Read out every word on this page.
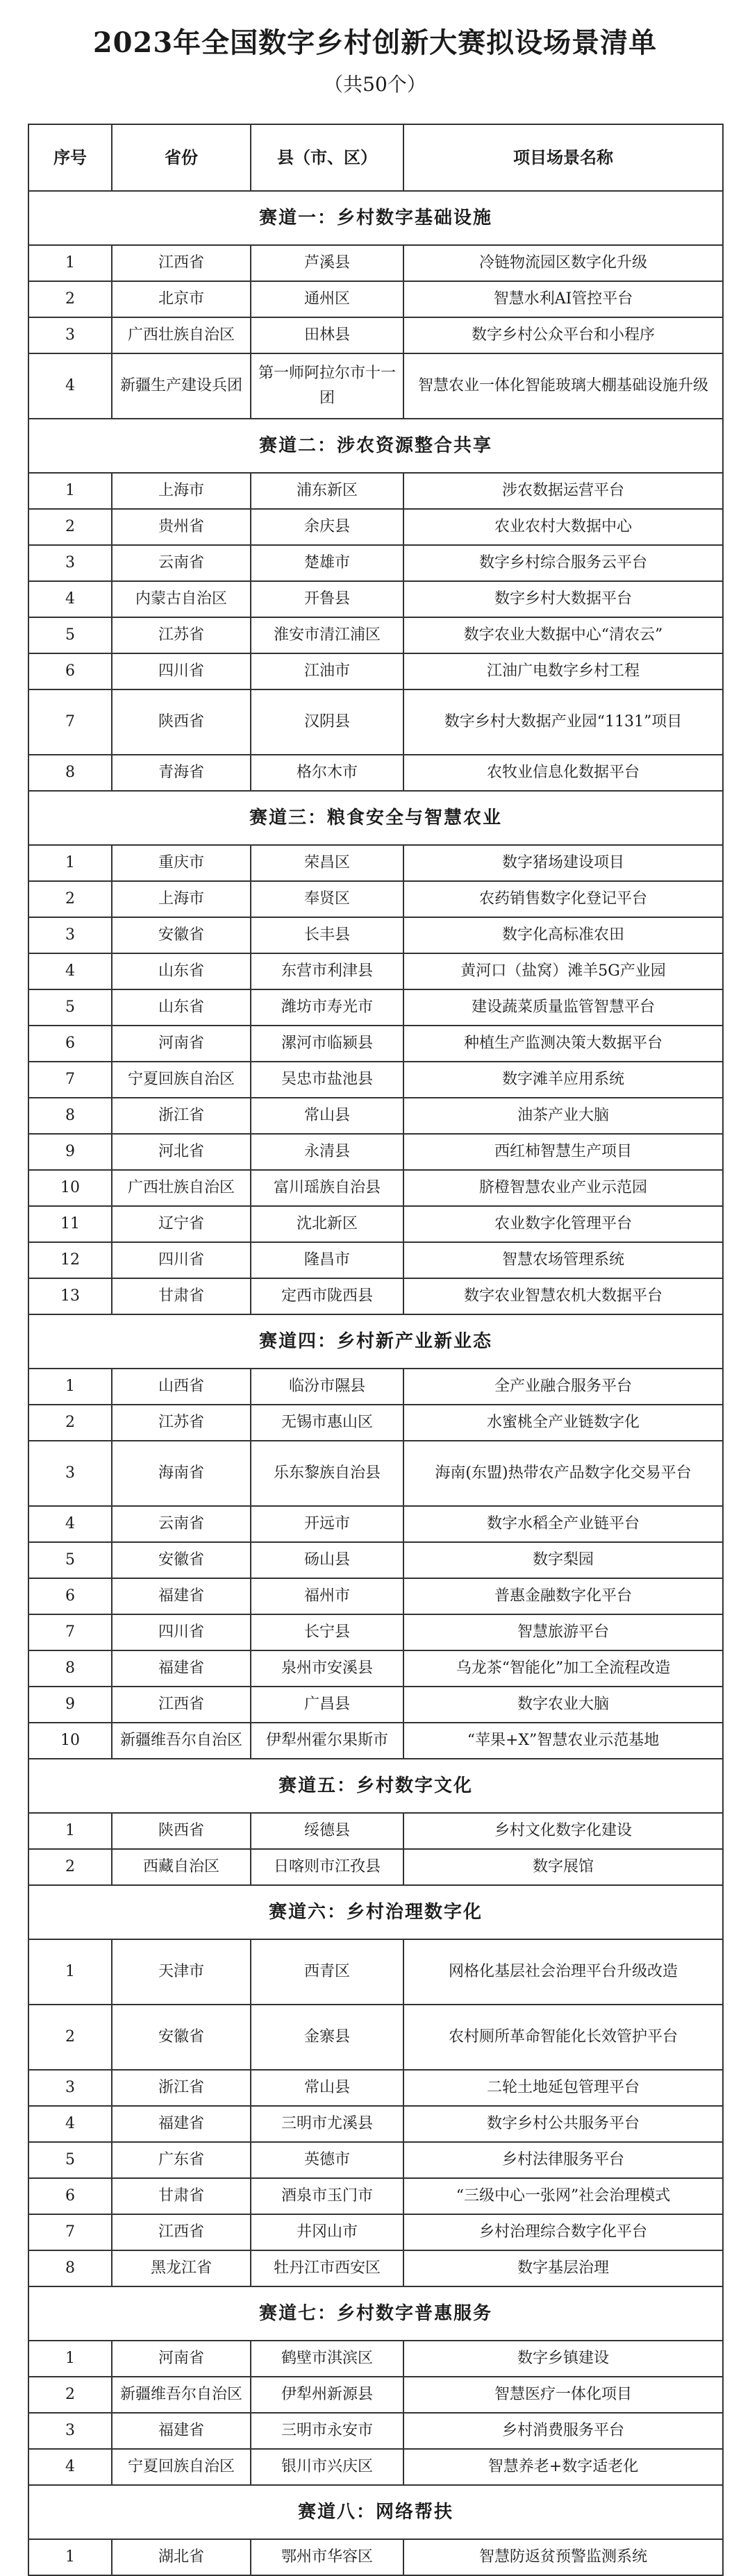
2023年全国数字乡村创新大赛拟设场景清单
（共50个）
序号	省份	县（市、区）	项目场景名称
赛道一：乡村数字基础设施			
1	江西省	芦溪县	冷链物流园区数字化升级
2	北京市	通州区	智慧水利AI管控平台
3	广西壮族自治区	田林县	数字乡村公众平台和小程序
4	新疆生产建设兵团	第一师阿拉尔市十一团	智慧农业一体化智能玻璃大棚基础设施升级
赛道二：涉农资源整合共享			
1	上海市	浦东新区	涉农数据运营平台
2	贵州省	余庆县	农业农村大数据中心
3	云南省	楚雄市	数字乡村综合服务云平台
4	内蒙古自治区	开鲁县	数字乡村大数据平台
5	江苏省	淮安市清江浦区	数字农业大数据中心“清农云”
6	四川省	江油市	江油广电数字乡村工程
7	陕西省	汉阴县	数字乡村大数据产业园“1131”项目
8	青海省	格尔木市	农牧业信息化数据平台
赛道三：粮食安全与智慧农业			
1	重庆市	荣昌区	数字猪场建设项目
2	上海市	奉贤区	农药销售数字化登记平台
3	安徽省	长丰县	数字化高标准农田
4	山东省	东营市利津县	黄河口（盐窝）滩羊5G产业园
5	山东省	潍坊市寿光市	建设蔬菜质量监管智慧平台
6	河南省	漯河市临颍县	种植生产监测决策大数据平台
7	宁夏回族自治区	吴忠市盐池县	数字滩羊应用系统
8	浙江省	常山县	油茶产业大脑
9	河北省	永清县	西红柿智慧生产项目
10	广西壮族自治区	富川瑶族自治县	脐橙智慧农业产业示范园
11	辽宁省	沈北新区	农业数字化管理平台
12	四川省	隆昌市	智慧农场管理系统
13	甘肃省	定西市陇西县	数字农业智慧农机大数据平台
赛道四：乡村新产业新业态			
1	山西省	临汾市隰县	全产业融合服务平台
2	江苏省	无锡市惠山区	水蜜桃全产业链数字化
3	海南省	乐东黎族自治县	海南(东盟)热带农产品数字化交易平台
4	云南省	开远市	数字水稻全产业链平台
5	安徽省	砀山县	数字梨园
6	福建省	福州市	普惠金融数字化平台
7	四川省	长宁县	智慧旅游平台
8	福建省	泉州市安溪县	乌龙茶“智能化”加工全流程改造
9	江西省	广昌县	数字农业大脑
10	新疆维吾尔自治区	伊犁州霍尔果斯市	“苹果+X”智慧农业示范基地
赛道五：乡村数字文化			
1	陕西省	绥德县	乡村文化数字化建设
2	西藏自治区	日喀则市江孜县	数字展馆
赛道六：乡村治理数字化			
1	天津市	西青区	网格化基层社会治理平台升级改造
2	安徽省	金寨县	农村厕所革命智能化长效管护平台
3	浙江省	常山县	二轮土地延包管理平台
4	福建省	三明市尤溪县	数字乡村公共服务平台
5	广东省	英德市	乡村法律服务平台
6	甘肃省	酒泉市玉门市	“三级中心一张网”社会治理模式
7	江西省	井冈山市	乡村治理综合数字化平台
8	黑龙江省	牡丹江市西安区	数字基层治理
赛道七：乡村数字普惠服务			
1	河南省	鹤壁市淇滨区	数字乡镇建设
2	新疆维吾尔自治区	伊犁州新源县	智慧医疗一体化项目
3	福建省	三明市永安市	乡村消费服务平台
4	宁夏回族自治区	银川市兴庆区	智慧养老+数字适老化
赛道八：网络帮扶			
1	湖北省	鄂州市华容区	智慧防返贫预警监测系统
